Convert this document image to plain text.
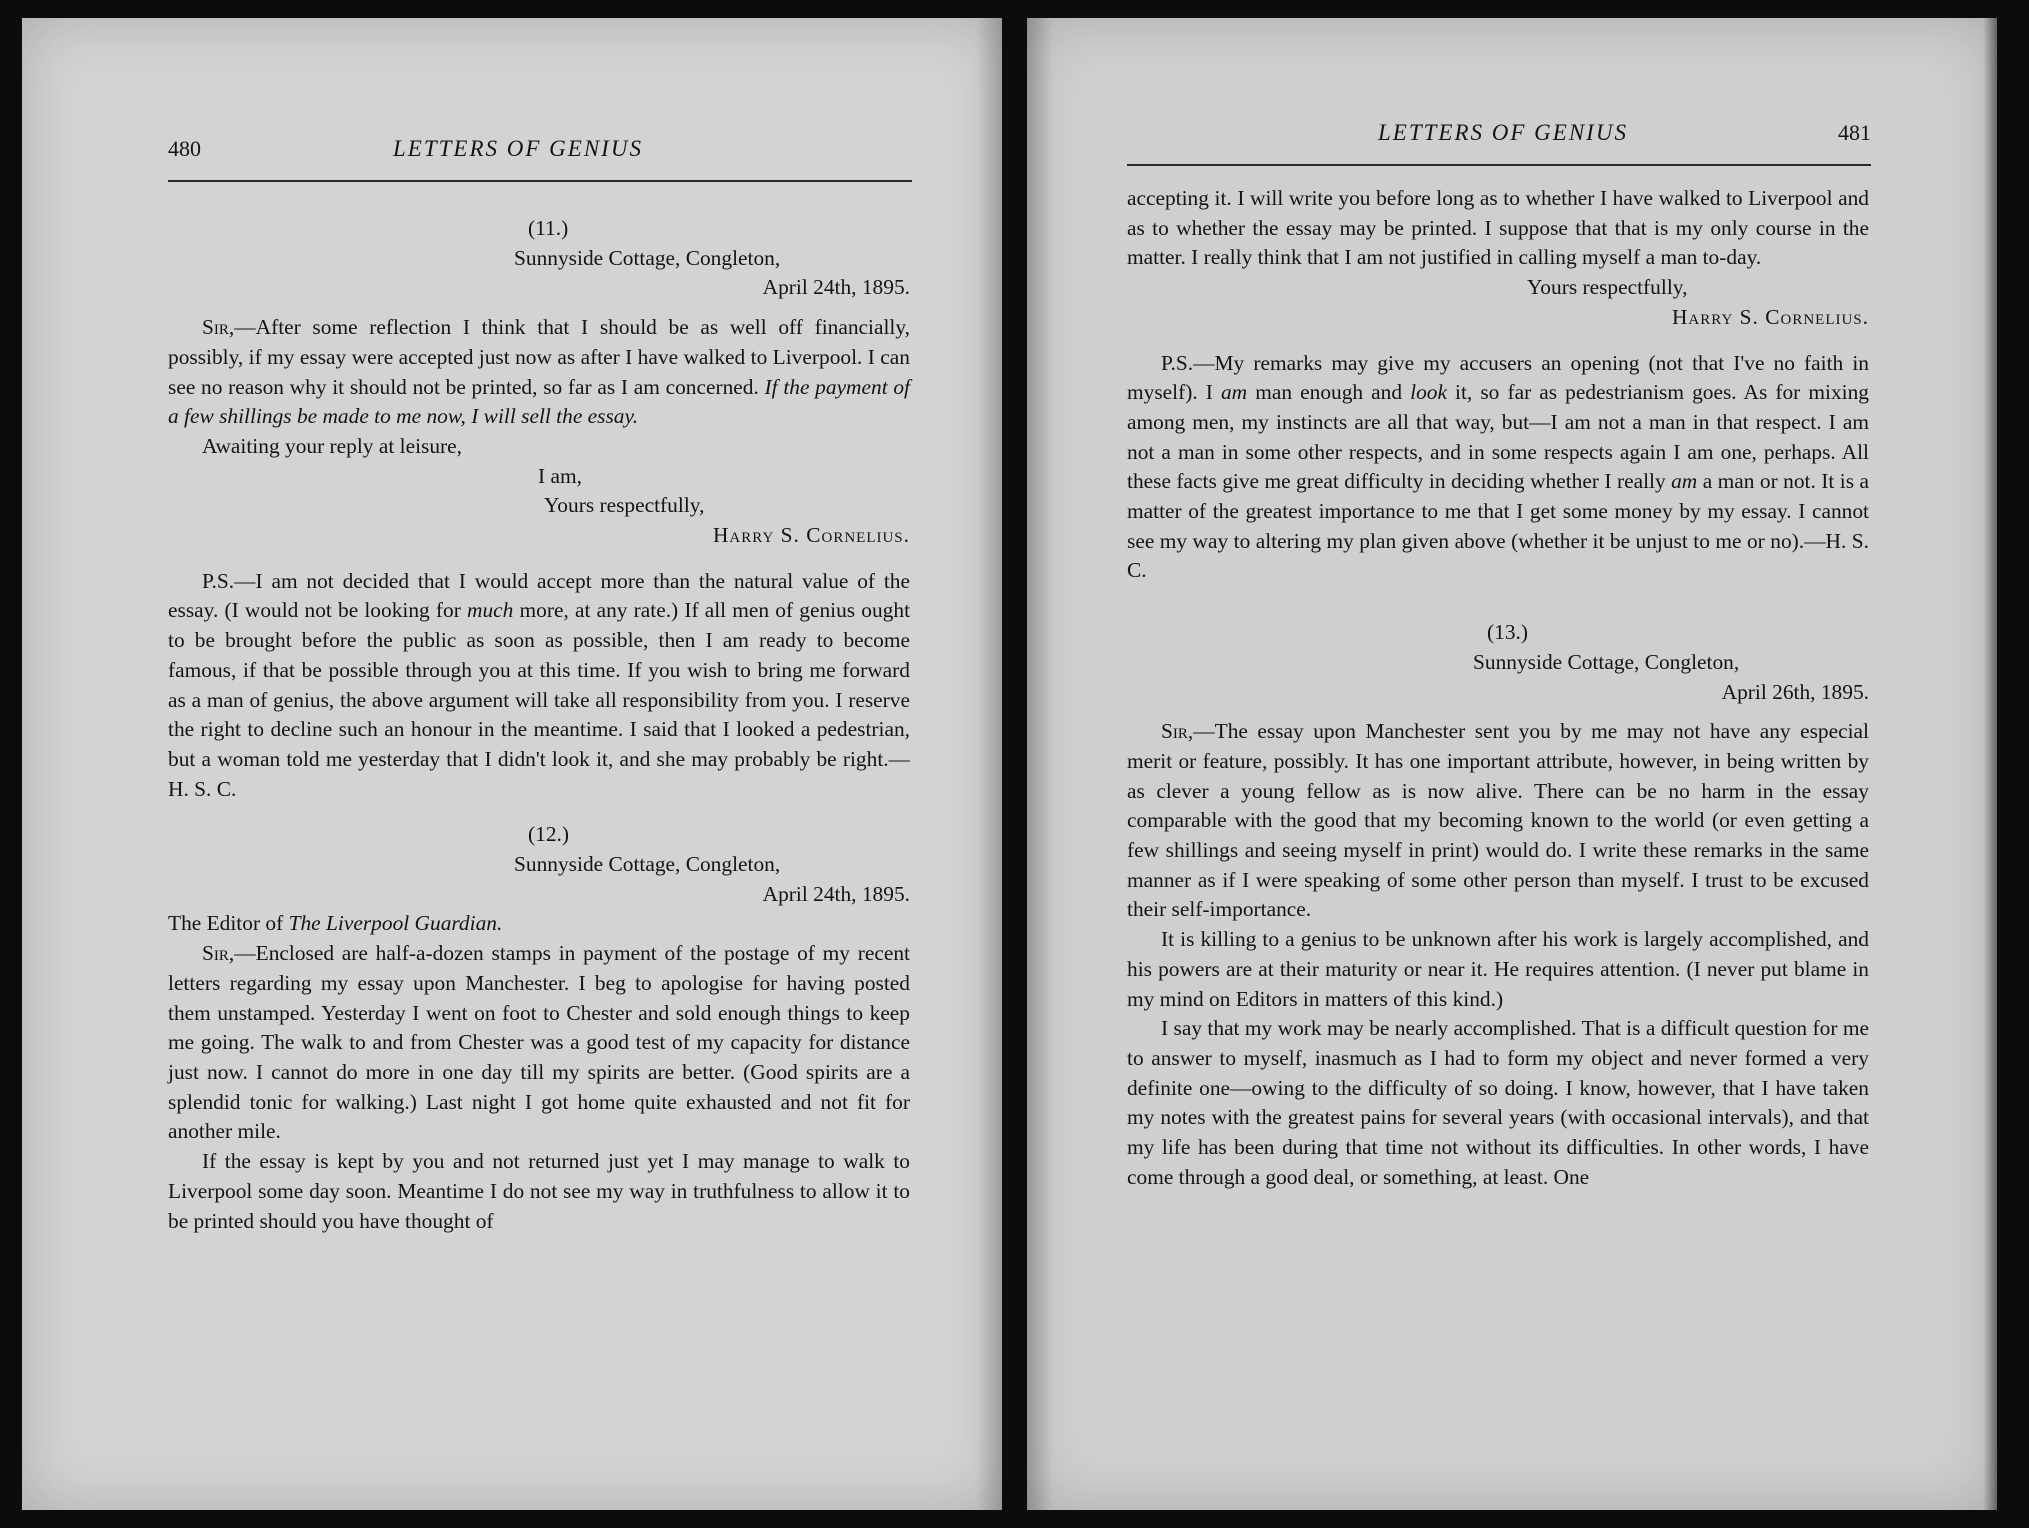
480	LETTERS OF GENIUS

(11.)

Sunnyside Cottage, Congleton,

April 24th, 1895.

Sir,—After some reflection I think that I should be as well off financially, possibly, if my essay were accepted just now as after I have walked to Liverpool. I can see no reason why it should not be printed, so far as I am concerned. If the payment of a few shillings be made to me now, I will sell the essay.

Awaiting your reply at leisure,

I am,

Yours respectfully,

Harry S. Cornelius.

P.S.—I am not decided that I would accept more than the natural value of the essay. (I would not be looking for much more, at any rate.) If all men of genius ought to be brought before the public as soon as possible, then I am ready to become famous, if that be possible through you at this time. If you wish to bring me forward as a man of genius, the above argument will take all responsibility from you. I reserve the right to decline such an honour in the meantime. I said that I looked a pedestrian, but a woman told me yesterday that I didn't look it, and she may probably be right.—H. S. C.

(12.)

Sunnyside Cottage, Congleton,

April 24th, 1895.

The Editor of The Liverpool Guardian.

Sir,—Enclosed are half-a-dozen stamps in payment of the postage of my recent letters regarding my essay upon Manchester. I beg to apologise for having posted them unstamped. Yesterday I went on foot to Chester and sold enough things to keep me going. The walk to and from Chester was a good test of my capacity for distance just now. I cannot do more in one day till my spirits are better. (Good spirits are a splendid tonic for walking.) Last night I got home quite exhausted and not fit for another mile.

If the essay is kept by you and not returned just yet I may manage to walk to Liverpool some day soon. Meantime I do not see my way in truthfulness to allow it to be printed should you have thought of

LETTERS OF GENIUS	481

accepting it. I will write you before long as to whether I have walked to Liverpool and as to whether the essay may be printed. I suppose that that is my only course in the matter. I really think that I am not justified in calling myself a man to-day.

Yours respectfully,

Harry S. Cornelius.

P.S.—My remarks may give my accusers an opening (not that I've no faith in myself). I am man enough and look it, so far as pedestrianism goes. As for mixing among men, my instincts are all that way, but—I am not a man in that respect. I am not a man in some other respects, and in some respects again I am one, perhaps. All these facts give me great difficulty in deciding whether I really am a man or not. It is a matter of the greatest importance to me that I get some money by my essay. I cannot see my way to altering my plan given above (whether it be unjust to me or no).—H. S. C.

(13.)

Sunnyside Cottage, Congleton,

April 26th, 1895.

Sir,—The essay upon Manchester sent you by me may not have any especial merit or feature, possibly. It has one important attribute, however, in being written by as clever a young fellow as is now alive. There can be no harm in the essay comparable with the good that my becoming known to the world (or even getting a few shillings and seeing myself in print) would do. I write these remarks in the same manner as if I were speaking of some other person than myself. I trust to be excused their self-importance.

It is killing to a genius to be unknown after his work is largely accomplished, and his powers are at their maturity or near it. He requires attention. (I never put blame in my mind on Editors in matters of this kind.)

I say that my work may be nearly accomplished. That is a difficult question for me to answer to myself, inasmuch as I had to form my object and never formed a very definite one—owing to the difficulty of so doing. I know, however, that I have taken my notes with the greatest pains for several years (with occasional intervals), and that my life has been during that time not without its difficulties. In other words, I have come through a good deal, or something, at least. One
